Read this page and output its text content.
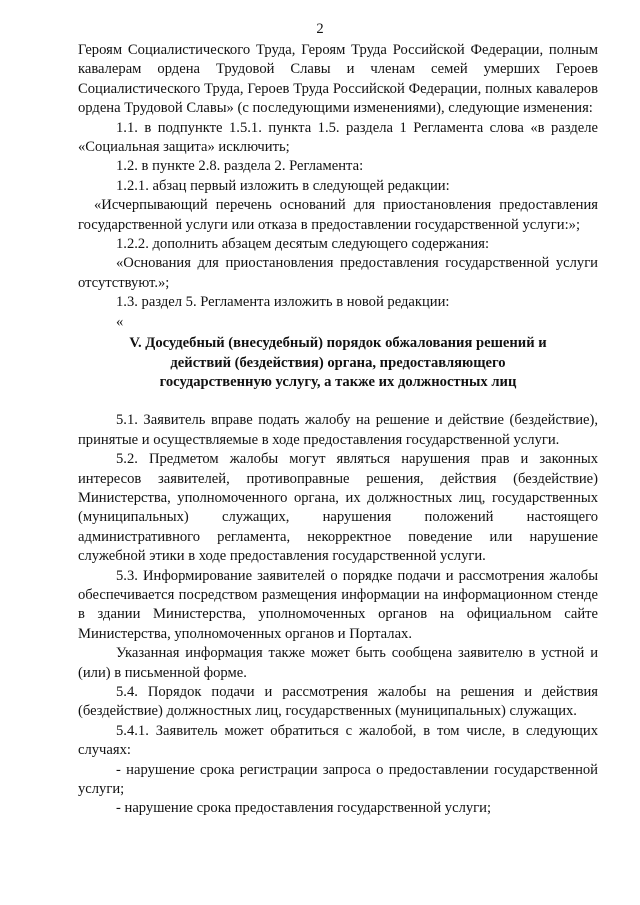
2

Героям Социалистического Труда, Героям Труда Российской Федерации, полным кавалерам ордена Трудовой Славы и членам семей умерших Героев Социалистического Труда, Героев Труда Российской Федерации, полных кавалеров ордена Трудовой Славы» (с последующими изменениями), следующие изменения:

1.1. в подпункте 1.5.1. пункта 1.5. раздела 1 Регламента слова «в разделе «Социальная защита» исключить;

1.2. в пункте 2.8. раздела 2. Регламента:

1.2.1. абзац первый изложить в следующей редакции:

«Исчерпывающий перечень оснований для приостановления предоставления государственной услуги или отказа в предоставлении государственной услуги:»;

1.2.2. дополнить абзацем десятым следующего содержания:

«Основания для приостановления предоставления государственной услуги отсутствуют.»;

1.3. раздел 5. Регламента изложить в новой редакции:

«

V. Досудебный (внесудебный) порядок обжалования решений и

действий (бездействия) органа, предоставляющего

государственную услугу, а также их должностных лиц

5.1. Заявитель вправе подать жалобу на решение и действие (бездействие), принятые и осуществляемые в ходе предоставления государственной услуги.

5.2. Предметом жалобы могут являться нарушения прав и законных интересов заявителей, противоправные решения, действия (бездействие) Министерства, уполномоченного органа, их должностных лиц, государственных (муниципальных) служащих, нарушения положений настоящего административного регламента, некорректное поведение или нарушение служебной этики в ходе предоставления государственной услуги.

5.3. Информирование заявителей о порядке подачи и рассмотрения жалобы обеспечивается посредством размещения информации на информационном стенде в здании Министерства, уполномоченных органов на официальном сайте Министерства, уполномоченных органов и Порталах.

Указанная информация также может быть сообщена заявителю в устной и (или) в письменной форме.

5.4. Порядок подачи и рассмотрения жалобы на решения и действия (бездействие) должностных лиц, государственных (муниципальных) служащих.

5.4.1. Заявитель может обратиться с жалобой, в том числе, в следующих случаях:

- нарушение срока регистрации запроса о предоставлении государственной услуги;

- нарушение срока предоставления государственной услуги;
